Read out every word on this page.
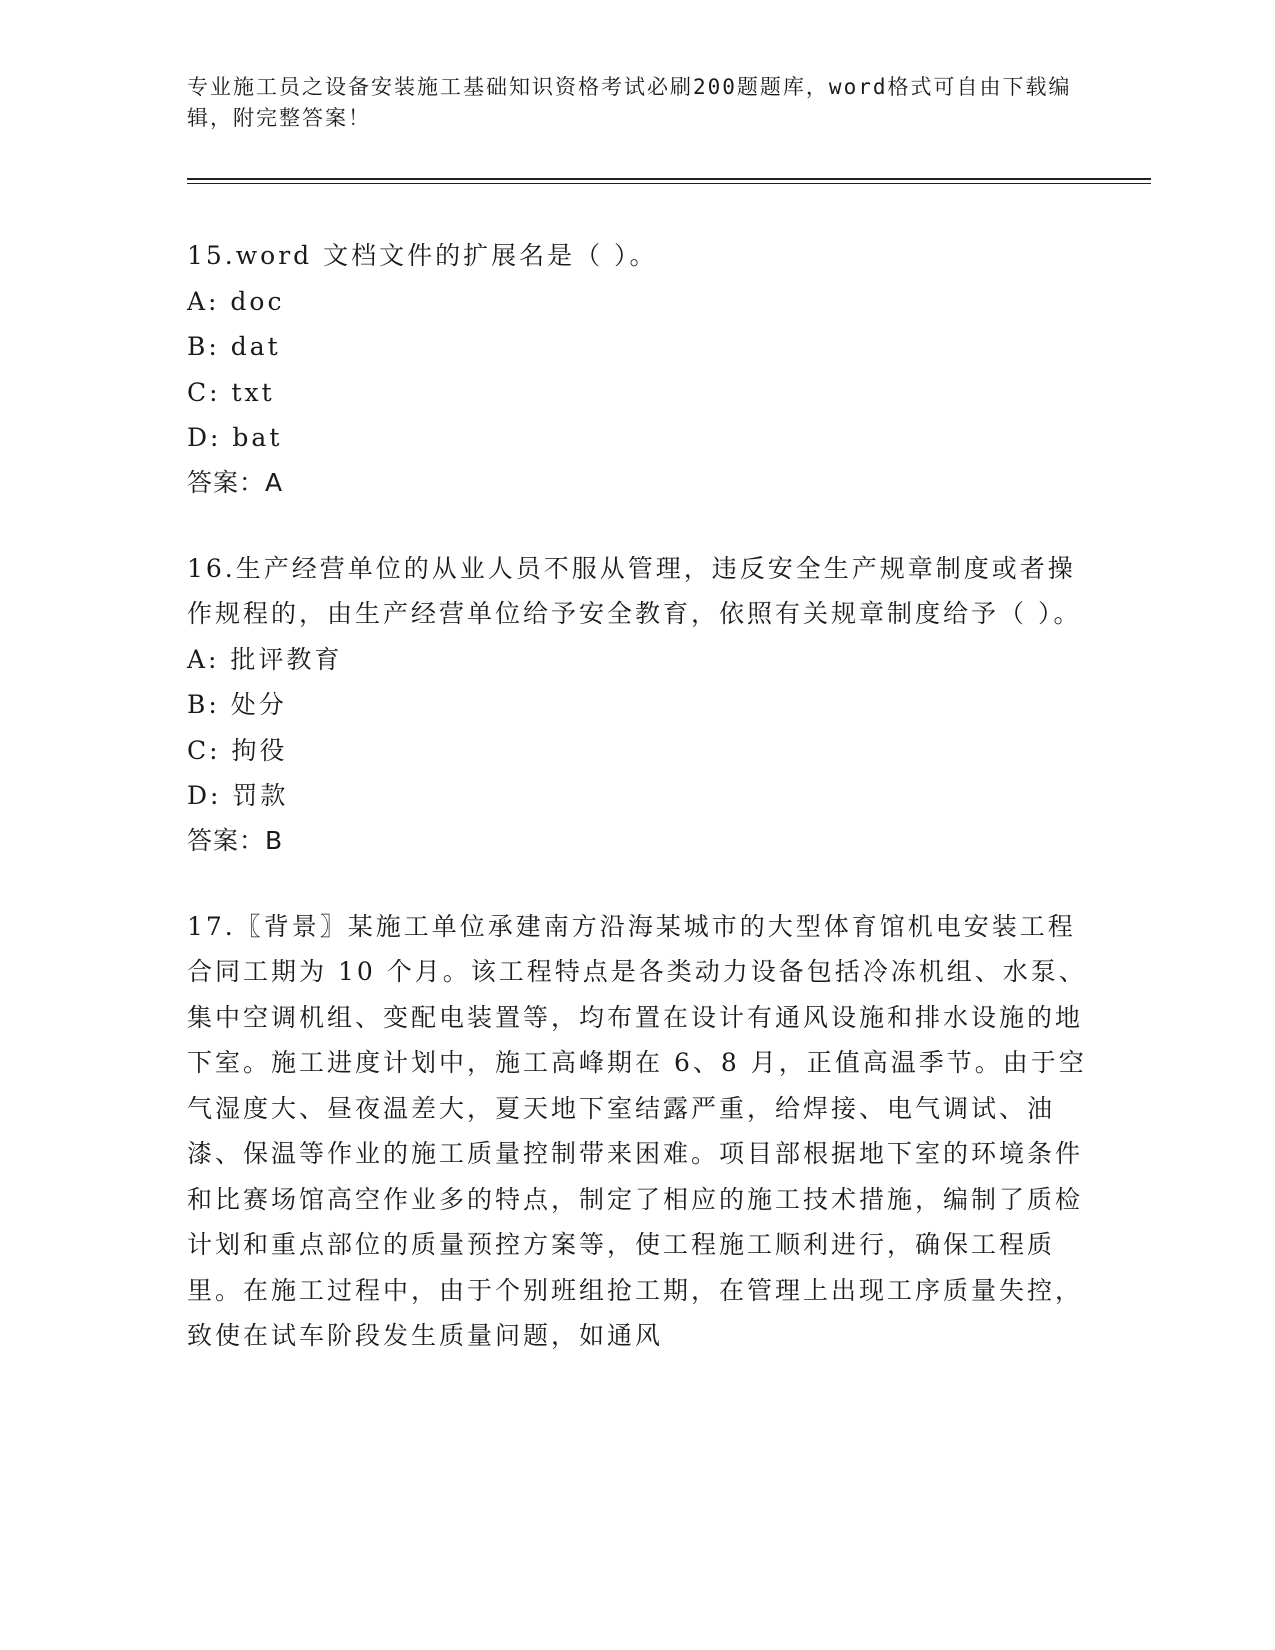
专业施工员之设备安装施工基础知识资格考试必刷200题题库，word格式可自由下载编辑，附完整答案！

15.word 文档文件的扩展名是（ ）。

A: doc

B: dat

C: txt

D: bat

答案：A

16.生产经营单位的从业人员不服从管理，违反安全生产规章制度或者操作规程的，由生产经营单位给予安全教育，依照有关规章制度给予（ ）。

A: 批评教育

B: 处分

C: 拘役

D: 罚款

答案：B

17.〖背景〗某施工单位承建南方沿海某城市的大型体育馆机电安装工程合同工期为 10 个月。该工程特点是各类动力设备包括冷冻机组、水泵、集中空调机组、变配电装置等，均布置在设计有通风设施和排水设施的地下室。施工进度计划中，施工高峰期在 6、8 月，正值高温季节。由于空气湿度大、昼夜温差大，夏天地下室结露严重，给焊接、电气调试、油漆、保温等作业的施工质量控制带来困难。项目部根据地下室的环境条件和比赛场馆高空作业多的特点，制定了相应的施工技术措施，编制了质检计划和重点部位的质量预控方案等，使工程施工顺利进行，确保工程质里。在施工过程中，由于个别班组抢工期，在管理上出现工序质量失控，致使在试车阶段发生质量问题，如通风
